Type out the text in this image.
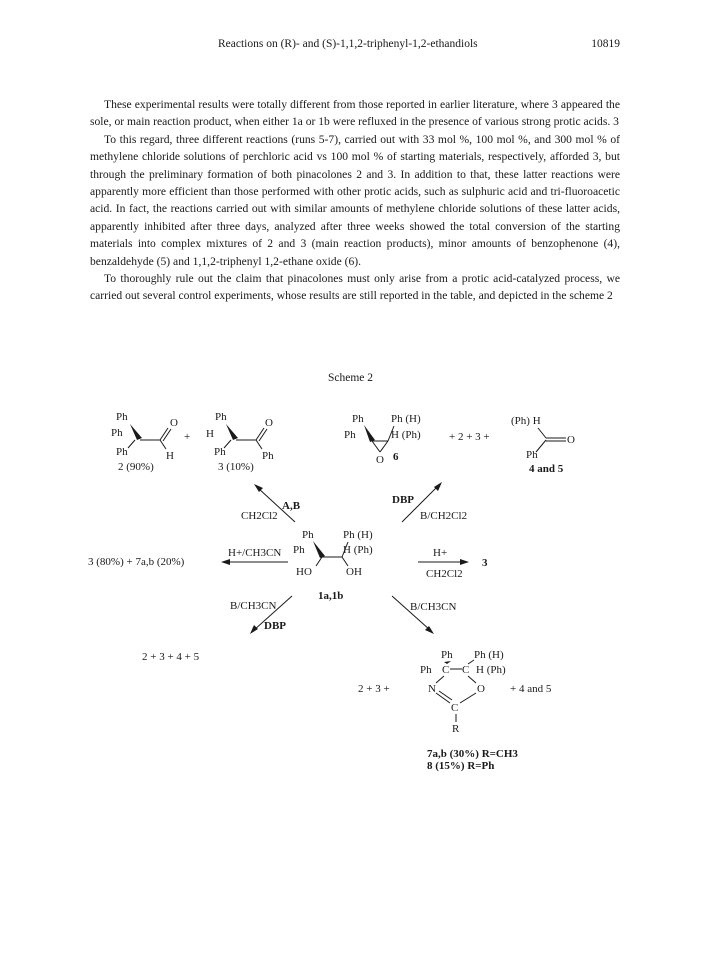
Reactions on (R)- and (S)-1,1,2-triphenyl-1,2-ethandiols	10819

These experimental results were totally different from those reported in earlier literature, where 3 appeared the sole, or main reaction product, when either 1a or 1b were refluxed in the presence of various strong protic acids. 3

To this regard, three different reactions (runs 5-7), carried out with 33 mol %, 100 mol %, and 300 mol % of methylene chloride solutions of perchloric acid vs 100 mol % of starting materials, respectively, afforded 3, but through the preliminary formation of both pinacolones 2 and 3. In addition to that, these latter reactions were apparently more efficient than those performed with other protic acids, such as sulphuric acid and tri-fluoroacetic acid. In fact, the reactions carried out with similar amounts of methylene chloride solutions of these latter acids, apparently inhibited after three days, analyzed after three weeks showed the total conversion of the starting materials into complex mixtures of 2 and 3 (main reaction products), minor amounts of benzophenone (4), benzaldehyde (5) and 1,1,2-triphenyl 1,2-ethane oxide (6).

To thoroughly rule out the claim that pinacolones must only arise from a protic acid-catalyzed process, we carried out several control experiments, whose results are still reported in the table, and depicted in the scheme 2

Scheme 2
Ph
Ph
Ph
O
H
2 (90%)
+
Ph
H
O
Ph	Ph
3 (10%)
Ph Ph (H)
Ph	H (Ph)
O 6
+ 2 + 3 +
(Ph) H
O
Ph
4 and 5
A,B
CH2Cl2
DBP
B/CH2Cl2
Ph	Ph (H)
Ph	H (Ph)
HO	OH
1a,1b
H+/CH3CN
3 (80%) + 7a,b (20%)
H+
CH2Cl2
3
B/CH3CN
DBP
2 + 3 + 4 + 5
B/CH3CN
Ph Ph (H)
Ph C C H (Ph)
2 + 3 +	N	O
C
R
+ 4 and 5
7a,b (30%) R=CH3
8 (15%) R=Ph
